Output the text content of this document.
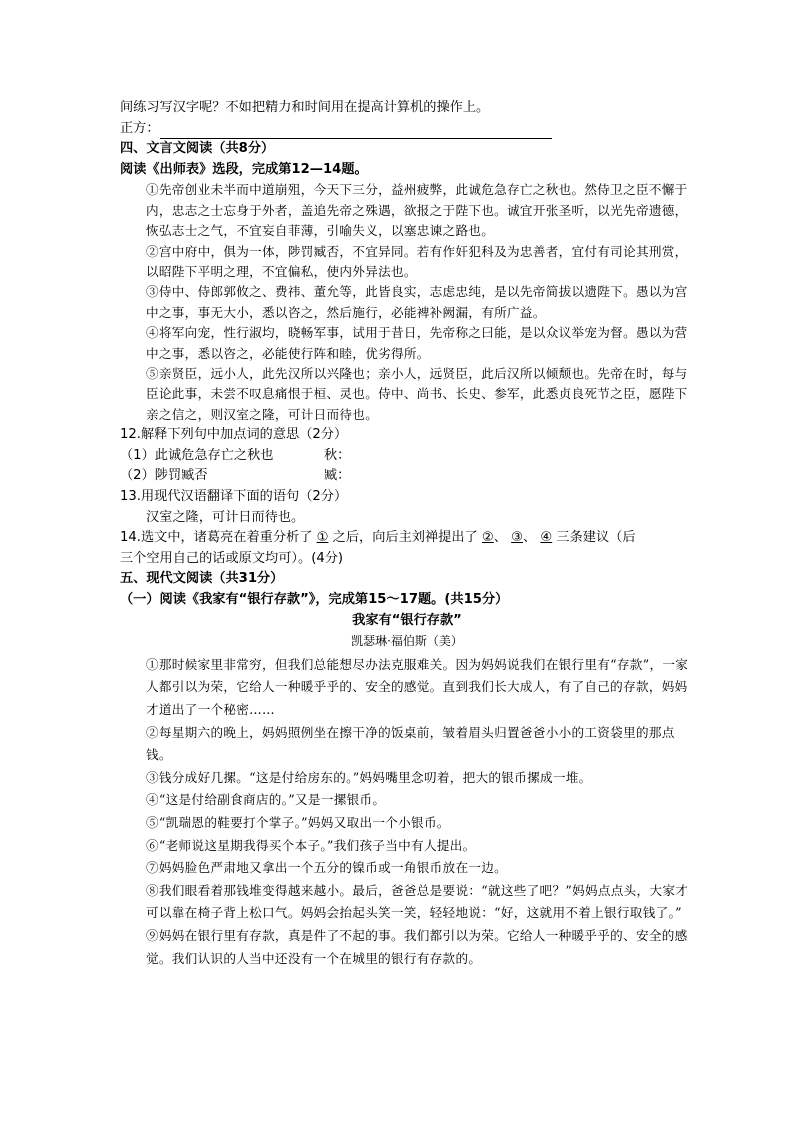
间练习写汉字呢？不如把精力和时间用在提高计算机的操作上。
正方：
四、文言文阅读（共8分）
阅读《出师表》选段，完成第12—14题。
①先帝创业未半而中道崩殂，今天下三分，益州疲弊，此诚危急存亡之秋也。然侍卫之臣不懈于内，忠志之士忘身于外者，盖追先帝之殊遇，欲报之于陛下也。诚宜开张圣听，以光先帝遗德，恢弘志士之气，不宜妄自菲薄，引喻失义，以塞忠谏之路也。
②宫中府中，俱为一体，陟罚臧否，不宜异同。若有作奸犯科及为忠善者，宜付有司论其刑赏，以昭陛下平明之理，不宜偏私，使内外异法也。
③侍中、侍郎郭攸之、费祎、董允等，此皆良实，志虑忠纯，是以先帝简拔以遗陛下。愚以为宫中之事，事无大小，悉以咨之，然后施行，必能裨补阙漏，有所广益。
④将军向宠，性行淑均，晓畅军事，试用于昔日，先帝称之曰能，是以众议举宠为督。愚以为营中之事，悉以咨之，必能使行阵和睦，优劣得所。
⑤亲贤臣，远小人，此先汉所以兴隆也；亲小人，远贤臣，此后汉所以倾颓也。先帝在时，每与臣论此事，未尝不叹息痛恨于桓、灵也。侍中、尚书、长史、参军，此悉贞良死节之臣，愿陛下亲之信之，则汉室之隆，可计日而待也。
12.解释下列句中加点词的意思（2分）
（1）此诚危急存亡之秋也	秋：
（2）陟罚臧否	臧：
13.用现代汉语翻译下面的语句（2分）
汉室之隆，可计日而待也。
14.选文中，诸葛亮在着重分析了 ① 之后，向后主刘禅提出了 ②、 ③、 ④ 三条建议（后
三个空用自己的话或原文均可）。(4分)
五、现代文阅读（共31分）
（一）阅读《我家有“银行存款”》，完成第15～17题。(共15分）
我家有“银行存款”
凯瑟琳·福伯斯（美）
①那时候家里非常穷，但我们总能想尽办法克服难关。因为妈妈说我们在银行里有“存款”，一家人都引以为荣，它给人一种暖乎乎的、安全的感觉。直到我们长大成人，有了自己的存款，妈妈才道出了一个秘密……
②每星期六的晚上，妈妈照例坐在擦干净的饭桌前，皱着眉头归置爸爸小小的工资袋里的那点钱。
③钱分成好几摞。“这是付给房东的。”妈妈嘴里念叨着，把大的银币摞成一堆。
④“这是付给副食商店的。”又是一摞银币。
⑤“凯瑞恩的鞋要打个掌子。”妈妈又取出一个小银币。
⑥“老师说这星期我得买个本子。”我们孩子当中有人提出。
⑦妈妈脸色严肃地又拿出一个五分的镍币或一角银币放在一边。
⑧我们眼看着那钱堆变得越来越小。最后，爸爸总是要说：“就这些了吧？”妈妈点点头，大家才可以靠在椅子背上松口气。妈妈会抬起头笑一笑，轻轻地说：“好，这就用不着上银行取钱了。”
⑨妈妈在银行里有存款，真是件了不起的事。我们都引以为荣。它给人一种暖乎乎的、安全的感觉。我们认识的人当中还没有一个在城里的银行有存款的。
